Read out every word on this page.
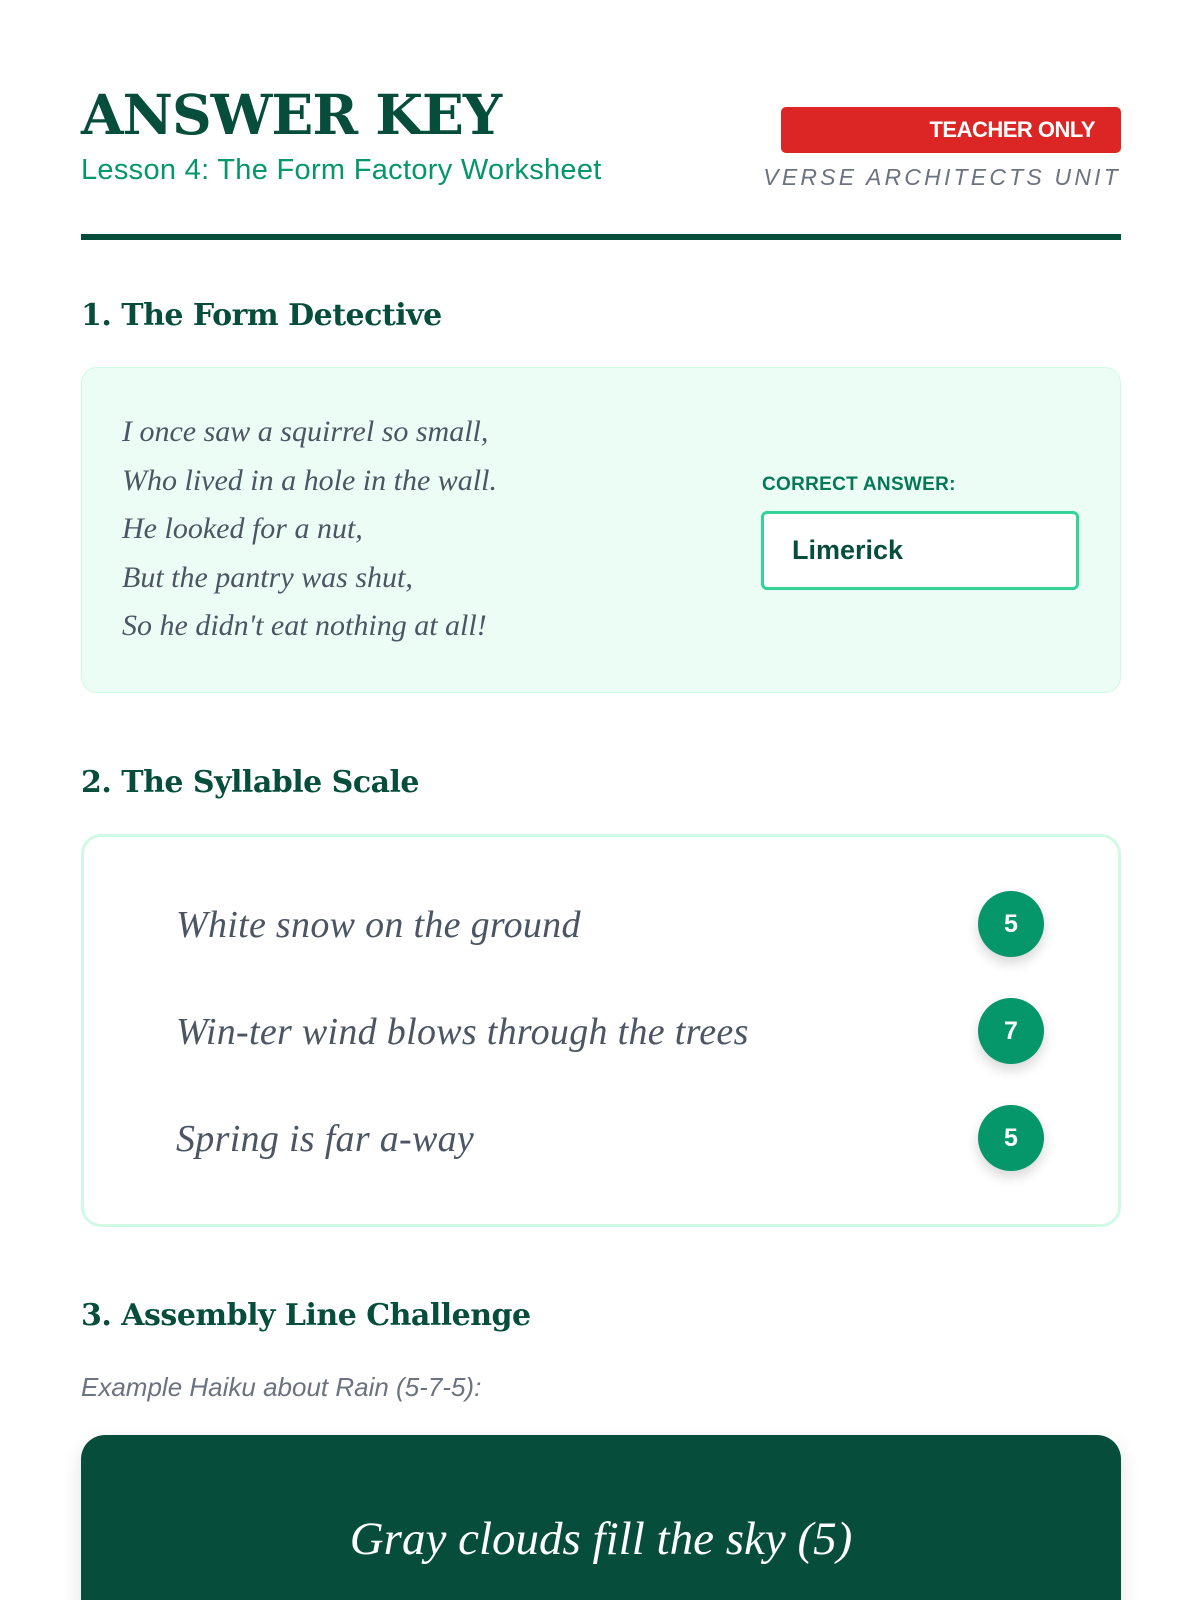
ANSWER KEY
Lesson 4: The Form Factory Worksheet
TEACHER ONLY
VERSE ARCHITECTS UNIT
1. The Form Detective
I once saw a squirrel so small,
Who lived in a hole in the wall.
He looked for a nut,
But the pantry was shut,
So he didn't eat nothing at all!
CORRECT ANSWER:
Limerick
2. The Syllable Scale
White snow on the ground	5
Win-ter wind blows through the trees	7
Spring is far a-way	5
3. Assembly Line Challenge
Example Haiku about Rain (5-7-5):
Gray clouds fill the sky (5)
